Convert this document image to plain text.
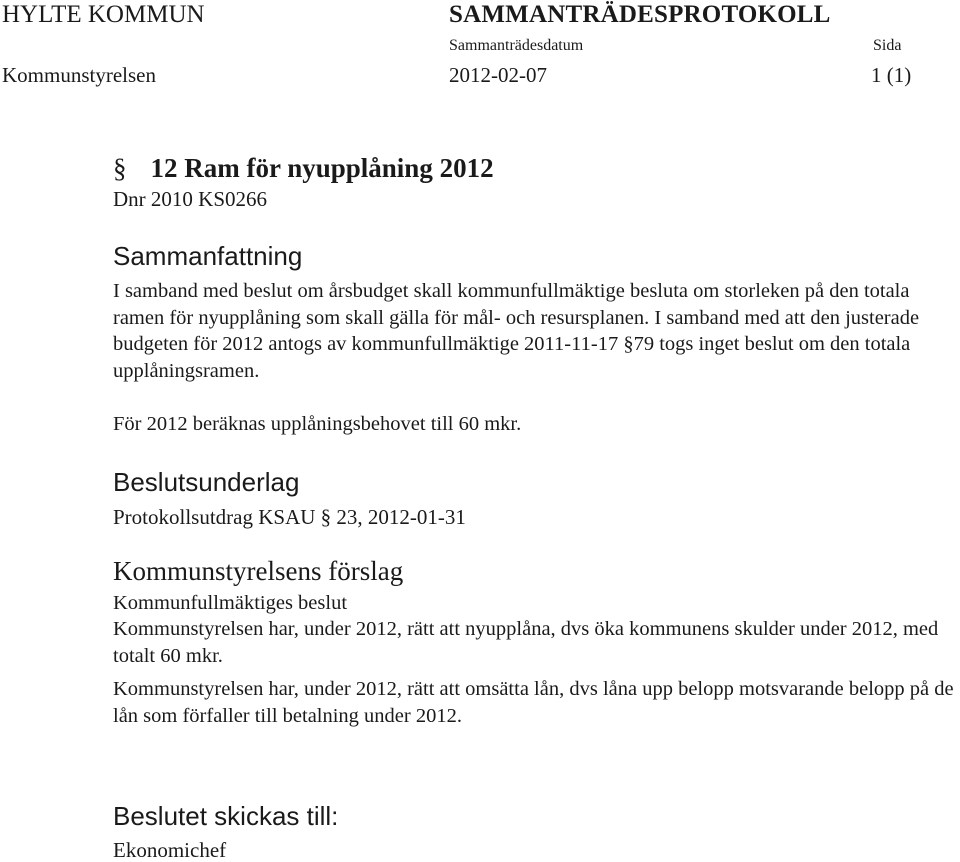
HYLTE KOMMUN	SAMMANTRÄDESPROTOKOLL
Sammanträdesdatum	Sida
Kommunstyrelsen	2012-02-07	1 (1)
§ 12 Ram för nyupplåning 2012
Dnr 2010 KS0266
Sammanfattning
I samband med beslut om årsbudget skall kommunfullmäktige besluta om storleken på den totala ramen för nyupplåning som skall gälla för mål- och resursplanen. I samband med att den justerade budgeten för 2012 antogs av kommunfullmäktige 2011-11-17 §79 togs inget beslut om den totala upplåningsramen.
För 2012 beräknas upplåningsbehovet till 60 mkr.
Beslutsunderlag
Protokollsutdrag KSAU § 23, 2012-01-31
Kommunstyrelsens förslag
Kommunfullmäktiges beslut
Kommunstyrelsen har, under 2012, rätt att nyupplåna, dvs öka kommunens skulder under 2012, med totalt 60 mkr.
Kommunstyrelsen har, under 2012, rätt att omsätta lån, dvs låna upp belopp motsvarande belopp på de lån som förfaller till betalning under 2012.
Beslutet skickas till:
Ekonomichef
